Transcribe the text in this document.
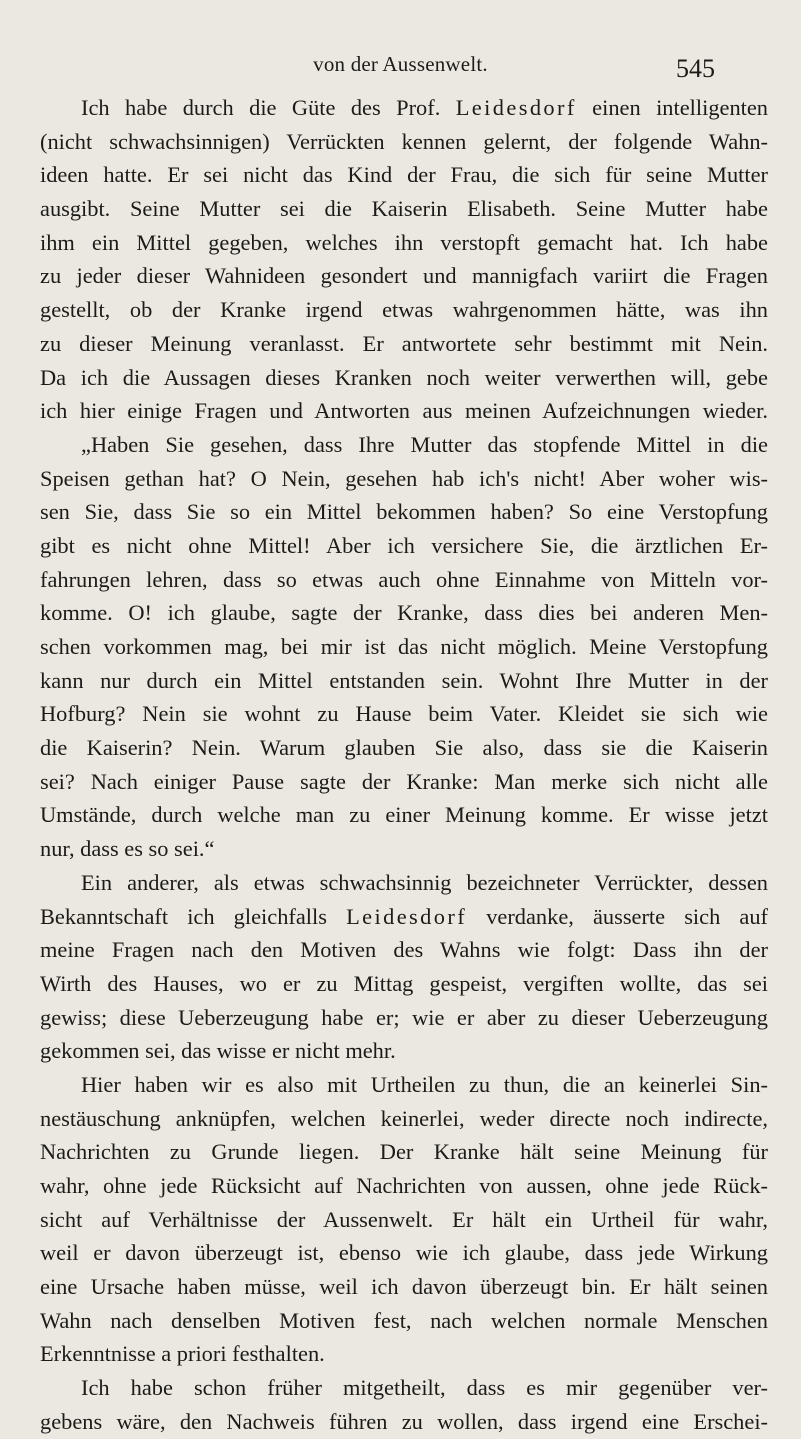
von der Aussenwelt.	545
Ich habe durch die Güte des Prof. Leidesdorf einen intelligenten
(nicht schwachsinnigen) Verrückten kennen gelernt, der folgende Wahn-
ideen hatte. Er sei nicht das Kind der Frau, die sich für seine Mutter
ausgibt. Seine Mutter sei die Kaiserin Elisabeth. Seine Mutter habe
ihm ein Mittel gegeben, welches ihn verstopft gemacht hat. Ich habe
zu jeder dieser Wahnideen gesondert und mannigfach variirt die Fragen
gestellt, ob der Kranke irgend etwas wahrgenommen hätte, was ihn
zu dieser Meinung veranlasst. Er antwortete sehr bestimmt mit Nein.
Da ich die Aussagen dieses Kranken noch weiter verwerthen will, gebe
ich hier einige Fragen und Antworten aus meinen Aufzeichnungen wieder.
„Haben Sie gesehen, dass Ihre Mutter das stopfende Mittel in die
Speisen gethan hat? O Nein, gesehen hab ich's nicht! Aber woher wis-
sen Sie, dass Sie so ein Mittel bekommen haben? So eine Verstopfung
gibt es nicht ohne Mittel! Aber ich versichere Sie, die ärztlichen Er-
fahrungen lehren, dass so etwas auch ohne Einnahme von Mitteln vor-
komme. O! ich glaube, sagte der Kranke, dass dies bei anderen Men-
schen vorkommen mag, bei mir ist das nicht möglich. Meine Verstopfung
kann nur durch ein Mittel entstanden sein. Wohnt Ihre Mutter in der
Hofburg? Nein sie wohnt zu Hause beim Vater. Kleidet sie sich wie
die Kaiserin? Nein. Warum glauben Sie also, dass sie die Kaiserin
sei? Nach einiger Pause sagte der Kranke: Man merke sich nicht alle
Umstände, durch welche man zu einer Meinung komme. Er wisse jetzt
nur, dass es so sei.“
Ein anderer, als etwas schwachsinnig bezeichneter Verrückter, dessen
Bekanntschaft ich gleichfalls Leidesdorf verdanke, äusserte sich auf
meine Fragen nach den Motiven des Wahns wie folgt: Dass ihn der
Wirth des Hauses, wo er zu Mittag gespeist, vergiften wollte, das sei
gewiss; diese Ueberzeugung habe er; wie er aber zu dieser Ueberzeugung
gekommen sei, das wisse er nicht mehr.
Hier haben wir es also mit Urtheilen zu thun, die an keinerlei Sin-
nestäuschung anknüpfen, welchen keinerlei, weder directe noch indirecte,
Nachrichten zu Grunde liegen. Der Kranke hält seine Meinung für
wahr, ohne jede Rücksicht auf Nachrichten von aussen, ohne jede Rück-
sicht auf Verhältnisse der Aussenwelt. Er hält ein Urtheil für wahr,
weil er davon überzeugt ist, ebenso wie ich glaube, dass jede Wirkung
eine Ursache haben müsse, weil ich davon überzeugt bin. Er hält seinen
Wahn nach denselben Motiven fest, nach welchen normale Menschen
Erkenntnisse a priori festhalten.
Ich habe schon früher mitgetheilt, dass es mir gegenüber ver-
gebens wäre, den Nachweis führen zu wollen, dass irgend eine Erschei-
